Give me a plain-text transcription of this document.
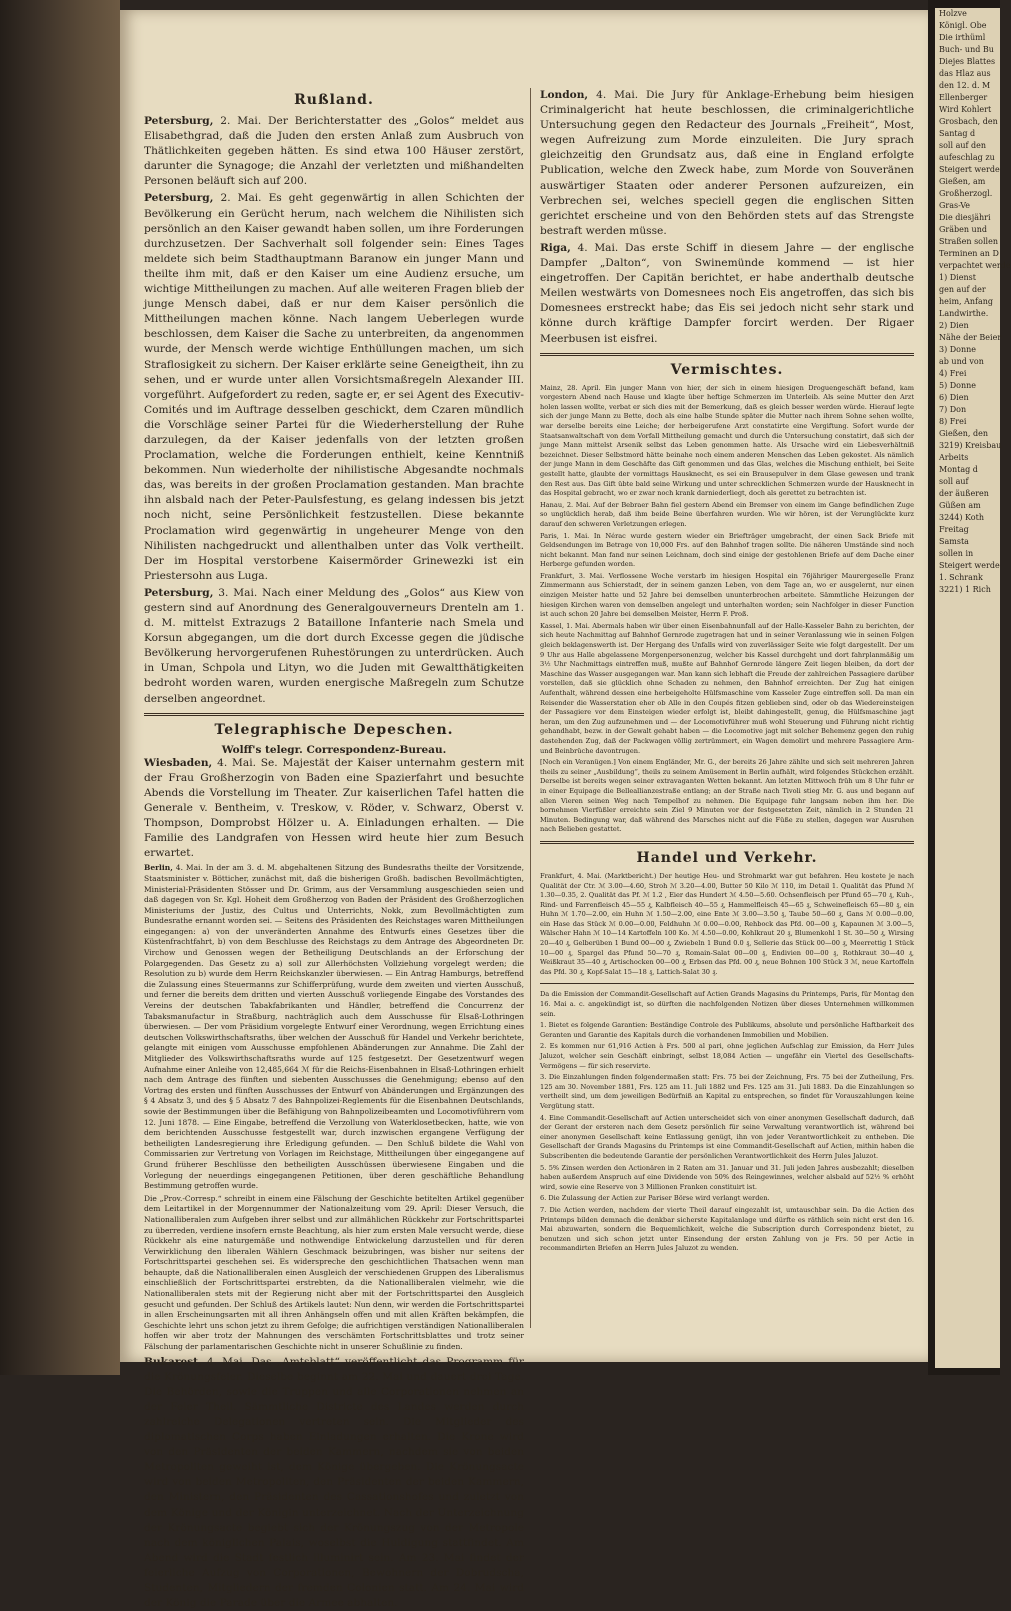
Holzve
Königl. Obe
Die irthüml
Buch- und Bu
Diejes Blattes
das Hlaz aus
den 12. d. M
Ellenberger
Wird Kohlert
Grosbach, den
Santag d
soll auf den
aufeschlag zu
Steigert werde
Gießen, am
Großherzogl.
Gras-Ve
Die diesjähri
Gräben und
Straßen sollen
Terminen an D
verpachtet werde
1) Dienst
gen auf der
heim, Anfang
Landwirthe.
2) Dien
Nähe der Beier
3) Donne
ab und von
4) Frei
5) Donne
6) Dien
7) Don
8) Frei
Gießen, den
3219) Kreisbau
Arbeits
Montag d
soll auf
der äußeren
Güßen am
3244) Koth
Freitag
Samsta
sollen in
Steigert werde
1. Schrank
3221) 1 Rich
Rußland.

Petersburg, 2. Mai. Der Berichterstatter des „Golos“ meldet aus Elisabethgrad, daß die Juden den ersten Anlaß zum Ausbruch von Thätlichkeiten gegeben hätten. Es sind etwa 100 Häuser zerstört, darunter die Synagoge; die Anzahl der verletzten und mißhandelten Personen beläuft sich auf 200.

Petersburg, 2. Mai. Es geht gegenwärtig in allen Schichten der Bevölkerung ein Gerücht herum, nach welchem die Nihilisten sich persönlich an den Kaiser gewandt haben sollen, um ihre Forderungen durchzusetzen. Der Sachverhalt soll folgender sein: Eines Tages meldete sich beim Stadthauptmann Baranow ein junger Mann und theilte ihm mit, daß er den Kaiser um eine Audienz ersuche, um wichtige Mittheilungen zu machen. Auf alle weiteren Fragen blieb der junge Mensch dabei, daß er nur dem Kaiser persönlich die Mittheilungen machen könne. Nach langem Ueberlegen wurde beschlossen, dem Kaiser die Sache zu unterbreiten, da angenommen wurde, der Mensch werde wichtige Enthüllungen machen, um sich Straflosigkeit zu sichern. Der Kaiser erklärte seine Geneigtheit, ihn zu sehen, und er wurde unter allen Vorsichtsmaßregeln Alexander III. vorgeführt. Aufgefordert zu reden, sagte er, er sei Agent des Executiv-Comités und im Auftrage desselben geschickt, dem Czaren mündlich die Vorschläge seiner Partei für die Wiederherstellung der Ruhe darzulegen, da der Kaiser jedenfalls von der letzten großen Proclamation, welche die Forderungen enthielt, keine Kenntniß bekommen. Nun wiederholte der nihilistische Abgesandte nochmals das, was bereits in der großen Proclamation gestanden. Man brachte ihn alsbald nach der Peter-Paulsfestung, es gelang indessen bis jetzt noch nicht, seine Persönlichkeit festzustellen. Diese bekannte Proclamation wird gegenwärtig in ungeheurer Menge von den Nihilisten nachgedruckt und allenthalben unter das Volk vertheilt. Der im Hospital verstorbene Kaisermörder Grinewezki ist ein Priestersohn aus Luga.

Petersburg, 3. Mai. Nach einer Meldung des „Golos“ aus Kiew von gestern sind auf Anordnung des Generalgouverneurs Drenteln am 1. d. M. mittelst Extrazugs 2 Bataillone Infanterie nach Smela und Korsun abgegangen, um die dort durch Excesse gegen die jüdische Bevölkerung hervorgerufenen Ruhestörungen zu unterdrücken. Auch in Uman, Schpola und Lityn, wo die Juden mit Gewaltthätigkeiten bedroht worden waren, wurden energische Maßregeln zum Schutze derselben angeordnet.

Telegraphische Depeschen.
Wolff's telegr. Correspondenz-Bureau.

Wiesbaden, 4. Mai. Se. Majestät der Kaiser unternahm gestern mit der Frau Großherzogin von Baden eine Spazierfahrt und besuchte Abends die Vorstellung im Theater. Zur kaiserlichen Tafel hatten die Generale v. Bentheim, v. Treskow, v. Röder, v. Schwarz, Oberst v. Thompson, Domprobst Hölzer u. A. Einladungen erhalten. — Die Familie des Landgrafen von Hessen wird heute hier zum Besuch erwartet.

Berlin, 4. Mai. In der am 3. d. M. abgehaltenen Sitzung des Bundesraths theilte der Vorsitzende, Staatsminister v. Bötticher, zunächst mit, daß die bisherigen Großh. badischen Bevollmächtigten, Ministerial-Präsidenten Stösser und Dr. Grimm, aus der Versammlung ausgeschieden seien und daß dagegen von Sr. Kgl. Hoheit dem Großherzog von Baden der Präsident des Großherzoglichen Ministeriums der Justiz, des Cultus und Unterrichts, Nokk, zum Bevollmächtigten zum Bundesrathe ernannt worden sei. — Seitens des Präsidenten des Reichstages waren Mittheilungen eingegangen: a) von der unveränderten Annahme des Entwurfs eines Gesetzes über die Küstenfrachtfahrt, b) von dem Beschlusse des Reichstags zu dem Antrage des Abgeordneten Dr. Virchow und Genossen wegen der Betheiligung Deutschlands an der Erforschung der Polargegenden. Das Gesetz zu a) soll zur Allerhöchsten Vollziehung vorgelegt werden; die Resolution zu b) wurde dem Herrn Reichskanzler überwiesen. — Ein Antrag Hamburgs, betreffend die Zulassung eines Steuermanns zur Schifferprüfung, wurde dem zweiten und vierten Ausschuß, und ferner die bereits dem dritten und vierten Ausschuß vorliegende Eingabe des Vorstandes des Vereins der deutschen Tabakfabrikanten und Händler, betreffend die Concurrenz der Tabaksmanufactur in Straßburg, nachträglich auch dem Ausschusse für Elsaß-Lothringen überwiesen. — Der vom Präsidium vorgelegte Entwurf einer Verordnung, wegen Errichtung eines deutschen Volkswirthschaftsraths, über welchen der Ausschuß für Handel und Verkehr berichtete, gelangte mit einigen vom Ausschusse empfohlenen Abänderungen zur Annahme. Die Zahl der Mitglieder des Volkswirthschaftsraths wurde auf 125 festgesetzt. Der Gesetzentwurf wegen Aufnahme einer Anleihe von 12,485,664 ℳ für die Reichs-Eisenbahnen in Elsaß-Lothringen erhielt nach dem Antrage des fünften und siebenten Ausschusses die Genehmigung; ebenso auf den Vortrag des ersten und fünften Ausschusses der Entwurf von Abänderungen und Ergänzungen des § 4 Absatz 3, und des § 5 Absatz 7 des Bahnpolizei-Reglements für die Eisenbahnen Deutschlands, sowie der Bestimmungen über die Befähigung von Bahnpolizeibeamten und Locomotivführern vom 12. Juni 1878. — Eine Eingabe, betreffend die Verzollung von Waterklosetbecken, hatte, wie von dem berichtenden Ausschusse festgestellt war, durch inzwischen ergangene Verfügung der betheiligten Landesregierung ihre Erledigung gefunden. — Den Schluß bildete die Wahl von Commissarien zur Vertretung von Vorlagen im Reichstage, Mittheilungen über eingegangene auf Grund früherer Beschlüsse den betheiligten Ausschüssen überwiesene Eingaben und die Vorlegung der neuerdings eingegangenen Petitionen, über deren geschäftliche Behandlung Bestimmung getroffen wurde.

Die „Prov.-Corresp.“ schreibt in einem eine Fälschung der Geschichte betitelten Artikel gegenüber dem Leitartikel in der Morgennummer der Nationalzeitung vom 29. April: Dieser Versuch, die Nationalliberalen zum Aufgeben ihrer selbst und zur allmählichen Rückkehr zur Fortschrittspartei zu überreden, verdiene insofern ernste Beachtung, als hier zum ersten Male versucht werde, diese Rückkehr als eine naturgemäße und nothwendige Entwickelung darzustellen und für deren Verwirklichung den liberalen Wählern Geschmack beizubringen, was bisher nur seitens der Fortschrittspartei geschehen sei. Es widerspreche den geschichtlichen Thatsachen wenn man behaupte, daß die Nationalliberalen einen Ausgleich der verschiedenen Gruppen des Liberalismus einschließlich der Fortschrittspartei erstrebten, da die Nationalliberalen vielmehr, wie die Nationalliberalen stets mit der Regierung nicht aber mit der Fortschrittspartei den Ausgleich gesucht und gefunden. Der Schluß des Artikels lautet: Nun denn, wir werden die Fortschrittspartei in allen Erscheinungsarten mit all ihren Anhängseln offen und mit allen Kräften bekämpfen, die Geschichte lehrt uns schon jetzt zu ihrem Gefolge; die aufrichtigen verständigen Nationalliberalen hoffen wir aber trotz der Mahnungen des verschämten Fortschrittsblattes und trotz seiner Fälschung der parlamentarischen Geschichte nicht in unserer Schußlinie zu finden.

Bukarest, 4. Mai. Das „Amtsblatt“ veröffentlicht das Programm für die Krönungsfeier. Dieselbe beginnt am 22. Mai und dauert drei Tage. Die Behörden, sowie die Truppen und alle Corporationen nehmen an der Feier Theil. Sämmtliche Districte des Landes werden durch zahlreiche Delegationen vertreten sein. Die Mitglieder des diplomatischen Corps haben Einladungen erhalten. Die Krone wird von den Präsidenten der beiden Kammern, nachdem sie von beiden Metropoliten geweiht ist, dem Könige übergeben. Die Krönungsacte wird von beiden Metropoliten, den Präsidenten der beiden Kammern, den Ministern, den Präsidenten des Cassationshofes und zuletzt von dem Könige und der Königin unterzeichnet. Nach der Unterzeichnung der Krönungsacte begiebt sich der Krönungszug von der Metropole nach dem königlichen Palais, woselbst die Huldigung stattfindet. Am Abend wird die Stadt festlich illuminirt sein. Am 23. Mai findet der feierliche Aufzug von Corporationen, Bewohnern der Dobrudscha, Studenten, Mitgliedern der fremden Colonien statt. Am 24. Mai wird der König die Parade über die Armee abhalten.

London, 4. Mai. Die Jury für Anklage-Erhebung beim hiesigen Criminalgericht hat heute beschlossen, die criminalgerichtliche Untersuchung gegen den Redacteur des Journals „Freiheit“, Most, wegen Aufreizung zum Morde einzuleiten. Die Jury sprach gleichzeitig den Grundsatz aus, daß eine in England erfolgte Publication, welche den Zweck habe, zum Morde von Souveränen auswärtiger Staaten oder anderer Personen aufzureizen, ein Verbrechen sei, welches speciell gegen die englischen Sitten gerichtet erscheine und von den Behörden stets auf das Strengste bestraft werden müsse.

Riga, 4. Mai. Das erste Schiff in diesem Jahre — der englische Dampfer „Dalton“, von Swinemünde kommend — ist hier eingetroffen. Der Capitän berichtet, er habe anderthalb deutsche Meilen westwärts von Domesnees noch Eis angetroffen, das sich bis Domesnees erstreckt habe; das Eis sei jedoch nicht sehr stark und könne durch kräftige Dampfer forcirt werden. Der Rigaer Meerbusen ist eisfrei.

Vermischtes.

Mainz, 28. April. Ein junger Mann von hier, der sich in einem hiesigen Droguengeschäft befand, kam vorgestern Abend nach Hause und klagte über heftige Schmerzen im Unterleib. Als seine Mutter den Arzt holen lassen wollte, verbat er sich dies mit der Bemerkung, daß es gleich besser werden würde. Hierauf legte sich der junge Mann zu Bette, doch als eine halbe Stunde später die Mutter nach ihrem Sohne sehen wollte, war derselbe bereits eine Leiche; der herbeigerufene Arzt constatirte eine Vergiftung. Sofort wurde der Staatsanwaltschaft von dem Vorfall Mittheilung gemacht und durch die Untersuchung constatirt, daß sich der junge Mann mittelst Arsenik selbst das Leben genommen hatte. Als Ursache wird ein Liebesverhältniß bezeichnet. Dieser Selbstmord hätte beinahe noch einem anderen Menschen das Leben gekostet. Als nämlich der junge Mann in dem Geschäfte das Gift genommen und das Glas, welches die Mischung enthielt, bei Seite gestellt hatte, glaubte der vormittags Hausknecht, es sei ein Brausepulver in dem Glase gewesen und trank den Rest aus. Das Gift übte bald seine Wirkung und unter schrecklichen Schmerzen wurde der Hausknecht in das Hospital gebracht, wo er zwar noch krank darniederliegt, doch als gerettet zu betrachten ist.

Hanau, 2. Mai. Auf der Bebraer Bahn fiel gestern Abend ein Bremser von einem im Gange befindlichen Zuge so unglücklich herab, daß ihm beide Beine überfahren wurden. Wie wir hören, ist der Verunglückte kurz darauf den schweren Verletzungen erlegen.

Paris, 1. Mai. In Nérac wurde gestern wieder ein Briefträger umgebracht, der einen Sack Briefe mit Geldsendungen im Betrage von 10,000 Frs. auf den Bahnhof tragen sollte. Die näheren Umstände sind noch nicht bekannt. Man fand nur seinen Leichnam, doch sind einige der gestohlenen Briefe auf dem Dache einer Herberge gefunden worden.

Frankfurt, 3. Mai. Verflossene Woche verstarb im hiesigen Hospital ein 76jähriger Maurergeselle Franz Zimmermann aus Schierstadt, der in seinem ganzen Leben, von dem Tage an, wo er ausgelernt, nur einen einzigen Meister hatte und 52 Jahre bei demselben ununterbrochen arbeitete. Sämmtliche Heizungen der hiesigen Kirchen waren von demselben angelegt und unterhalten worden; sein Nachfolger in dieser Function ist auch schon 20 Jahre bei demselben Meister, Herrn F. Proß.

Kassel, 1. Mai. Abermals haben wir über einen Eisenbahnunfall auf der Halle-Kasseler Bahn zu berichten, der sich heute Nachmittag auf Bahnhof Gernrode zugetragen hat und in seiner Veranlassung wie in seinen Folgen gleich beklagenswerth ist. Der Hergang des Unfalls wird von zuverlässiger Seite wie folgt dargestellt. Der um 9 Uhr aus Halle abgelassene Morgenpersonenzug, welcher bis Kassel durchgeht und dort fahrplanmäßig um 3½ Uhr Nachmittags eintreffen muß, mußte auf Bahnhof Gernrode längere Zeit liegen bleiben, da dort der Maschine das Wasser ausgegangen war. Man kann sich lebhaft die Freude der zahlreichen Passagiere darüber vorstellen, daß sie glücklich ohne Schaden zu nehmen, den Bahnhof erreichten. Der Zug hat einigen Aufenthalt, während dessen eine herbeigeholte Hülfsmaschine vom Kasseler Zuge eintreffen soll. Da man ein Reisender die Wasserstation eher ob Alle in den Coupés fitzen geblieben sind, oder ob das Wiedereinsteigen der Passagiere vor dem Einsteigen wieder erfolgt ist, bleibt dahingestellt, genug, die Hülfsmaschine jagt heran, um den Zug aufzunehmen und — der Locomotivführer muß wohl Steuerung und Führung nicht richtig gehandhabt, bezw. in der Gewalt gehabt haben — die Locomotive jagt mit solcher Behemenz gegen den ruhig dastehenden Zug, daß der Packwagen völlig zertrümmert, ein Wagen demolirt und mehrere Passagiere Arm- und Beinbrüche davontrugen.

[Noch ein Veranügen.] Von einem Engländer, Mr. G., der bereits 26 Jahre zählte und sich seit mehreren Jahren theils zu seiner „Ausbildung“, theils zu seinem Amüsement in Berlin aufhält, wird folgendes Stückchen erzählt. Derselbe ist bereits wegen seiner extravaganten Wetten bekannt. Am letzten Mittwoch früh um 8 Uhr fuhr er in einer Equipage die Belleallianzestraße entlang; an der Straße nach Tivoli stieg Mr. G. aus und begann auf allen Vieren seinen Weg nach Tempelhof zu nehmen. Die Equipage fuhr langsam neben ihm her. Die bornehmen Vierfüßler erreichte sein Ziel 9 Minuten vor der festgesetzten Zeit, nämlich in 2 Stunden 21 Minuten. Bedingung war, daß während des Marsches nicht auf die Füße zu stellen, dagegen war Ausruhen nach Belieben gestattet.

Handel und Verkehr.

Frankfurt, 4. Mai. (Marktbericht.) Der heutige Heu- und Strohmarkt war gut befahren. Heu kostete je nach Qualität der Ctr. ℳ 3.00—4.60, Stroh ℳ 3.20—4.00, Butter 50 Kilo ℳ 110, im Detail 1. Qualität das Pfund ℳ 1.30—0.35, 2. Qualität das Pf. ℳ 1.2 , Eier das Hundert ℳ 4.50—5.60. Ochsenfleisch per Pfund 65—70 ₰, Kuh-, Rind- und Farrenfleisch 45—55 ₰, Kalbfleisch 40—55 ₰, Hammelfleisch 45—65 ₰, Schweinefleisch 65—80 ₰, ein Huhn ℳ 1.70—2.00, ein Huhn ℳ 1.50—2.00, eine Ente ℳ 3.00—3.50 ₰, Taube 50—60 ₰, Gans ℳ 0.00—0.00, ein Hase das Stück ℳ 0.00—0.00, Feldhuhn ℳ 0.00—0.00, Rehbock das Pfd. 00—00 ₰, Kapaunen ℳ 3.00—5, Wälscher Hahn ℳ 10—14 Kartoffeln 100 Ko. ℳ 4.50—0.00, Kohlkraut 20 ₰, Blumenkohl 1 St. 30—50 ₰, Wirsing 20—40 ₰, Gelberüben 1 Bund 00—00 ₰, Zwiebeln 1 Bund 0.0 ₰, Sellerie das Stück 00—00 ₰, Meerrettig 1 Stück 10—00 ₰, Spargel das Pfund 50—70 ₰, Romain-Salat 00—00 ₰, Endivien 00—00 ₰, Rothkraut 30—40 ₰, Weißkraut 35—40 ₰, Artischocken 00—00 ₰, Erbsen das Pfd. 00 ₰, neue Bohnen 100 Stück 3 ℳ, neue Kartoffeln das Pfd. 30 ₰, Kopf-Salat 15—18 ₰, Lattich-Salat 30 ₰.

Da die Emission der Commandit-Gesellschaft auf Actien Grands Magasins du Printemps, Paris, für Montag den 16. Mai a. c. angekündigt ist, so dürften die nachfolgenden Notizen über dieses Unternehmen willkommen sein.

1. Bietet es folgende Garantien: Beständige Controle des Publikums, absolute und persönliche Haftbarkeit des Geranten und Garantie des Kapitals durch die vorhandenen Immobilien und Mobilien.

2. Es kommen nur 61,916 Actien à Frs. 500 al pari, ohne jeglichen Aufschlag zur Emission, da Herr Jules Jaluzot, welcher sein Geschäft einbringt, selbst 18,084 Actien — ungefähr ein Viertel des Gesellschafts-Vermögens — für sich reservirte.

3. Die Einzahlungen finden folgendermaßen statt: Frs. 75 bei der Zeichnung, Frs. 75 bei der Zutheilung, Frs. 125 am 30. November 1881, Frs. 125 am 11. Juli 1882 und Frs. 125 am 31. Juli 1883. Da die Einzahlungen so vertheilt sind, um dem jeweiligen Bedürfniß an Kapital zu entsprechen, so findet für Vorauszahlungen keine Vergütung statt.

4. Eine Commandit-Gesellschaft auf Actien unterscheidet sich von einer anonymen Gesellschaft dadurch, daß der Gerant der ersteren nach dem Gesetz persönlich für seine Verwaltung verantwortlich ist, während bei einer anonymen Gesellschaft keine Entlassung genügt, ihn von jeder Verantwortlichkeit zu entheben. Die Gesellschaft der Grands Magasins du Printemps ist eine Commandit-Gesellschaft auf Actien, mithin haben die Subscribenten die bedeutende Garantie der persönlichen Verantwortlichkeit des Herrn Jules Jaluzot.

5. 5% Zinsen werden den Actionären in 2 Raten am 31. Januar und 31. Juli jeden Jahres ausbezahlt; dieselben haben außerdem Anspruch auf eine Dividende von 50% des Reingewinnes, welcher alsbald auf 52½ % erhöht wird, sowie eine Reserve von 3 Millionen Franken constituirt ist.

6. Die Zulassung der Actien zur Pariser Börse wird verlangt werden.

7. Die Actien werden, nachdem der vierte Theil darauf eingezahlt ist, umtauschbar sein. Da die Actien des Printemps bilden demnach die denkbar sicherste Kapitalanlage und dürfte es räthlich sein nicht erst den 16. Mai abzuwarten, sondern die Bequemlichkeit, welche die Subscription durch Correspondenz bietet, zu benutzen und sich schon jetzt unter Einsendung der ersten Zahlung von je Frs. 50 per Actie in recommandirten Briefen an Herrn Jules Jaluzot zu wenden.
